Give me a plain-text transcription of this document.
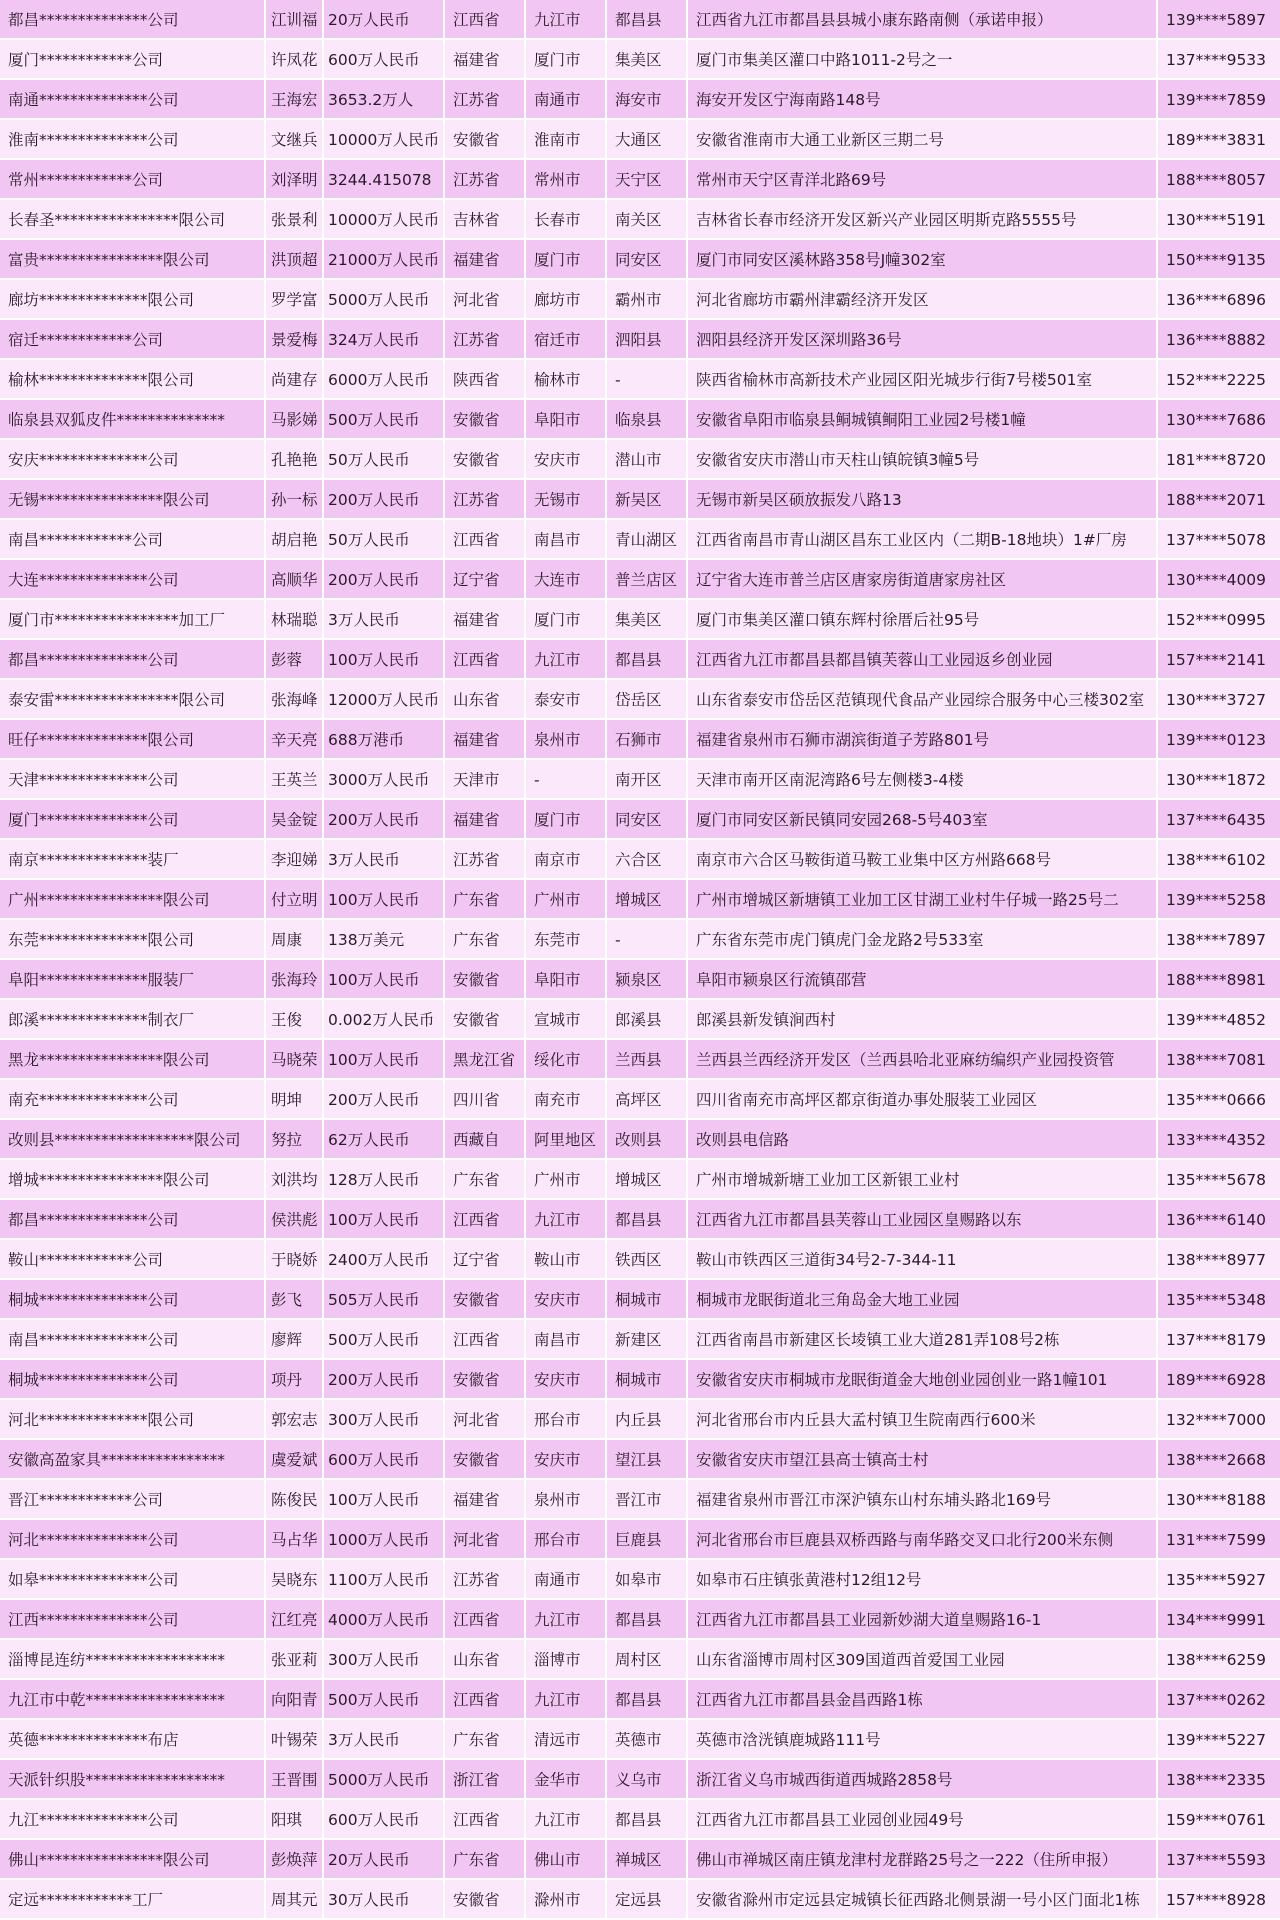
都昌**************公司	江训福 20万人民币	江西省	九江市	都昌县	江西省九江市都昌县县城小康东路南侧（承诺申报）	139****5897
厦门************公司	许凤花 600万人民币	福建省	厦门市	集美区	厦门市集美区灌口中路1011-2号之一	137****9533
南通**************公司	王海宏 3653.2万人	江苏省	南通市	海安市	海安开发区宁海南路148号	139****7859
淮南**************公司	文继兵 10000万人民币 安徽省	淮南市	大通区	安徽省淮南市大通工业新区三期二号	189****3831
常州************公司	刘泽明 3244.415078	江苏省	常州市	天宁区	常州市天宁区青洋北路69号	188****8057
长春圣****************限公司	张景利 10000万人民币 吉林省	长春市	南关区	吉林省长春市经济开发区新兴产业园区明斯克路5555号	130****5191
富贵****************限公司	洪顶超 21000万人民币 福建省	厦门市	同安区	厦门市同安区溪林路358号J幢302室	150****9135
廊坊**************限公司	罗学富 5000万人民币	河北省	廊坊市	霸州市	河北省廊坊市霸州津霸经济开发区	136****6896
宿迁************公司	景爱梅 324万人民币	江苏省	宿迁市	泗阳县	泗阳县经济开发区深圳路36号	136****8882
榆林**************限公司	尚建存 6000万人民币	陕西省	榆林市	-	陕西省榆林市高新技术产业园区阳光城步行街7号楼501室	152****2225
临泉县双狐皮件**************	马影娣 500万人民币	安徽省	阜阳市	临泉县	安徽省阜阳市临泉县鲖城镇鲖阳工业园2号楼1幢	130****7686
安庆**************公司	孔艳艳 50万人民币	安徽省	安庆市	潜山市	安徽省安庆市潜山市天柱山镇皖镇3幢5号	181****8720
无锡****************限公司	孙一标 200万人民币	江苏省	无锡市	新吴区	无锡市新吴区硕放振发八路13	188****2071
南昌************公司	胡启艳 50万人民币	江西省	南昌市	青山湖区	江西省南昌市青山湖区昌东工业区内（二期B-18地块）1#厂房	137****5078
大连**************公司	高顺华 200万人民币	辽宁省	大连市	普兰店区	辽宁省大连市普兰店区唐家房街道唐家房社区	130****4009
厦门市****************加工厂	林瑞聪 3万人民币	福建省	厦门市	集美区	厦门市集美区灌口镇东辉村徐厝后社95号	152****0995
都昌**************公司	彭蓉	100万人民币	江西省	九江市	都昌县	江西省九江市都昌县都昌镇芙蓉山工业园返乡创业园	157****2141
泰安雷****************限公司	张海峰 12000万人民币 山东省	泰安市	岱岳区	山东省泰安市岱岳区范镇现代食品产业园综合服务中心三楼302室	130****3727
旺仔**************限公司	辛天亮 688万港币	福建省	泉州市	石狮市	福建省泉州市石狮市湖滨街道子芳路801号	139****0123
天津**************公司	王英兰 3000万人民币	天津市	-	南开区	天津市南开区南泥湾路6号左侧楼3-4楼	130****1872
厦门**************公司	吴金锭 200万人民币	福建省	厦门市	同安区	厦门市同安区新民镇同安园268-5号403室	137****6435
南京**************装厂	李迎娣 3万人民币	江苏省	南京市	六合区	南京市六合区马鞍街道马鞍工业集中区方州路668号	138****6102
广州****************限公司	付立明 100万人民币	广东省	广州市	增城区	广州市增城区新塘镇工业加工区甘湖工业村牛仔城一路25号二	139****5258
东莞**************限公司	周康	138万美元	广东省	东莞市	-	广东省东莞市虎门镇虎门金龙路2号533室	138****7897
阜阳**************服装厂	张海玲 100万人民币	安徽省	阜阳市	颍泉区	阜阳市颍泉区行流镇邵营	188****8981
郎溪**************制衣厂	王俊	0.002万人民币	安徽省	宣城市	郎溪县	郎溪县新发镇涧西村	139****4852
黑龙****************限公司	马晓荣 100万人民币	黑龙江省	绥化市	兰西县	兰西县兰西经济开发区（兰西县哈北亚麻纺编织产业园投资管	138****7081
南充**************公司	明坤	200万人民币	四川省	南充市	高坪区	四川省南充市高坪区都京街道办事处服装工业园区	135****0666
改则县******************限公司	努拉	62万人民币	西藏自	阿里地区	改则县	改则县电信路	133****4352
增城****************限公司	刘洪均 128万人民币	广东省	广州市	增城区	广州市增城新塘工业加工区新银工业村	135****5678
都昌**************公司	侯洪彪 100万人民币	江西省	九江市	都昌县	江西省九江市都昌县芙蓉山工业园区皇赐路以东	136****6140
鞍山************公司	于晓娇 2400万人民币	辽宁省	鞍山市	铁西区	鞍山市铁西区三道街34号2-7-344-11	138****8977
桐城**************公司	彭飞	505万人民币	安徽省	安庆市	桐城市	桐城市龙眠街道北三角岛金大地工业园	135****5348
南昌**************公司	廖辉	500万人民币	江西省	南昌市	新建区	江西省南昌市新建区长堎镇工业大道281弄108号2栋	137****8179
桐城**************公司	项丹	200万人民币	安徽省	安庆市	桐城市	安徽省安庆市桐城市龙眠街道金大地创业园创业一路1幢101	189****6928
河北**************限公司	郭宏志 300万人民币	河北省	邢台市	内丘县	河北省邢台市内丘县大孟村镇卫生院南西行600米	132****7000
安徽高盈家具****************	虞爱斌 600万人民币	安徽省	安庆市	望江县	安徽省安庆市望江县高士镇高士村	138****2668
晋江************公司	陈俊民 100万人民币	福建省	泉州市	晋江市	福建省泉州市晋江市深沪镇东山村东埔头路北169号	130****8188
河北**************公司	马占华 1000万人民币	河北省	邢台市	巨鹿县	河北省邢台市巨鹿县双桥西路与南华路交叉口北行200米东侧	131****7599
如皋**************公司	吴晓东 1100万人民币	江苏省	南通市	如皋市	如皋市石庄镇张黄港村12组12号	135****5927
江西**************公司	江红亮 4000万人民币	江西省	九江市	都昌县	江西省九江市都昌县工业园新妙湖大道皇赐路16-1	134****9991
淄博昆连纺******************	张亚莉 300万人民币	山东省	淄博市	周村区	山东省淄博市周村区309国道西首爱国工业园	138****6259
九江市中乾******************	向阳青 500万人民币	江西省	九江市	都昌县	江西省九江市都昌县金昌西路1栋	137****0262
英德**************布店	叶锡荣 3万人民币	广东省	清远市	英德市	英德市浛洸镇鹿城路111号	139****5227
天派针织股******************	王晋围 5000万人民币	浙江省	金华市	义乌市	浙江省义乌市城西街道西城路2858号	138****2335
九江**************公司	阳琪	600万人民币	江西省	九江市	都昌县	江西省九江市都昌县工业园创业园49号	159****0761
佛山****************限公司	彭焕萍 20万人民币	广东省	佛山市	禅城区	佛山市禅城区南庄镇龙津村龙群路25号之一222（住所申报）	137****5593
定远************工厂	周其元 30万人民币	安徽省	滁州市	定远县	安徽省滁州市定远县定城镇长征西路北侧景湖一号小区门面北1栋	157****8928
